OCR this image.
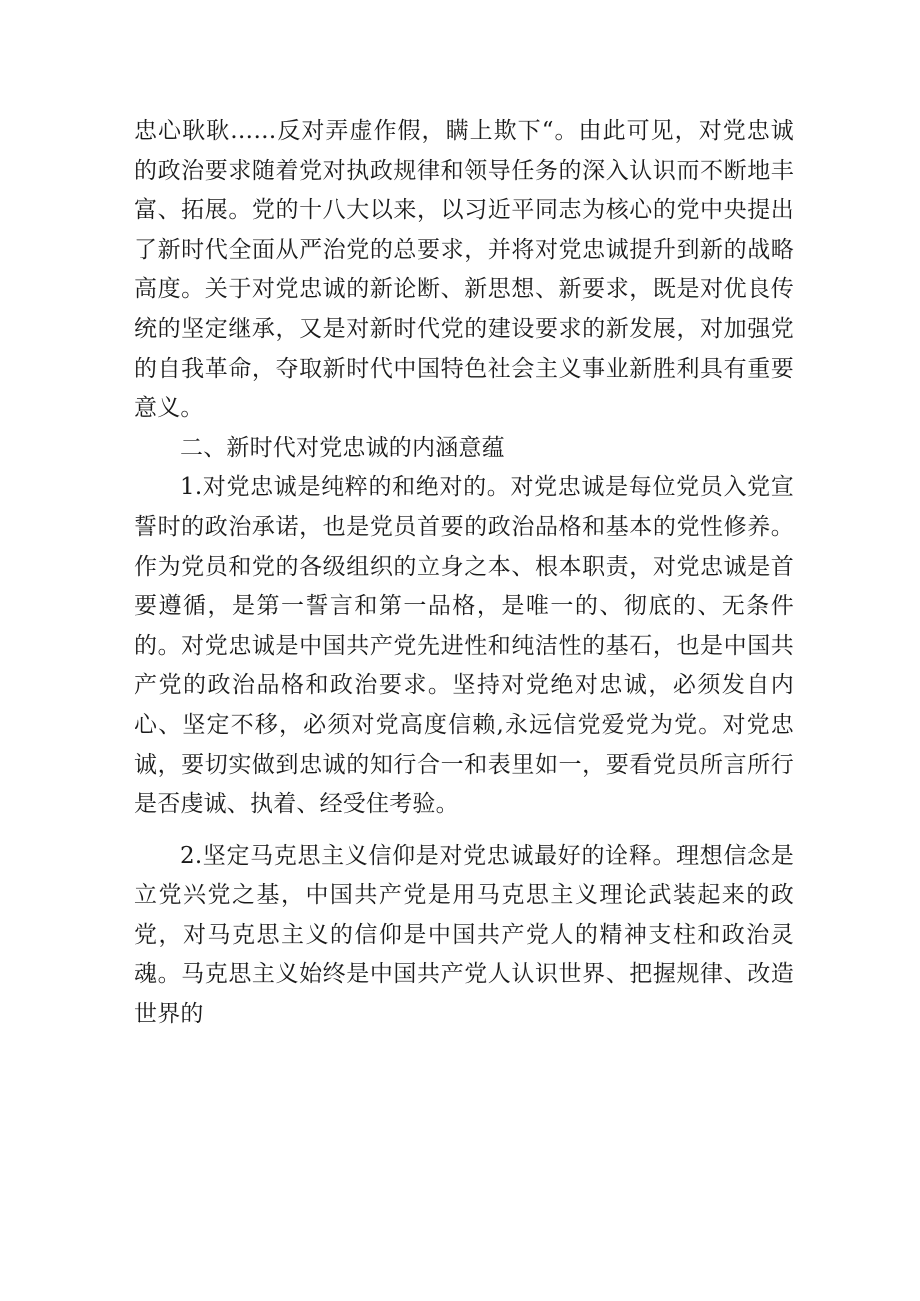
忠心耿耿……反对弄虚作假，瞒上欺下“。由此可见，对党忠诚的政治要求随着党对执政规律和领导任务的深入认识而不断地丰富、拓展。党的十八大以来，以习近平同志为核心的党中央提出了新时代全面从严治党的总要求，并将对党忠诚提升到新的战略高度。关于对党忠诚的新论断、新思想、新要求，既是对优良传统的坚定继承，又是对新时代党的建设要求的新发展，对加强党的自我革命，夺取新时代中国特色社会主义事业新胜利具有重要意义。

二、新时代对党忠诚的内涵意蕴

1.对党忠诚是纯粹的和绝对的。对党忠诚是每位党员入党宣誓时的政治承诺，也是党员首要的政治品格和基本的党性修养。作为党员和党的各级组织的立身之本、根本职责，对党忠诚是首要遵循，是第一誓言和第一品格，是唯一的、彻底的、无条件的。对党忠诚是中国共产党先进性和纯洁性的基石，也是中国共产党的政治品格和政治要求。坚持对党绝对忠诚，必须发自内心、坚定不移，必须对党高度信赖,永远信党爱党为党。对党忠诚，要切实做到忠诚的知行合一和表里如一，要看党员所言所行是否虔诚、执着、经受住考验。

2.坚定马克思主义信仰是对党忠诚最好的诠释。理想信念是立党兴党之基，中国共产党是用马克思主义理论武装起来的政党，对马克思主义的信仰是中国共产党人的精神支柱和政治灵魂。马克思主义始终是中国共产党人认识世界、把握规律、改造世界的
